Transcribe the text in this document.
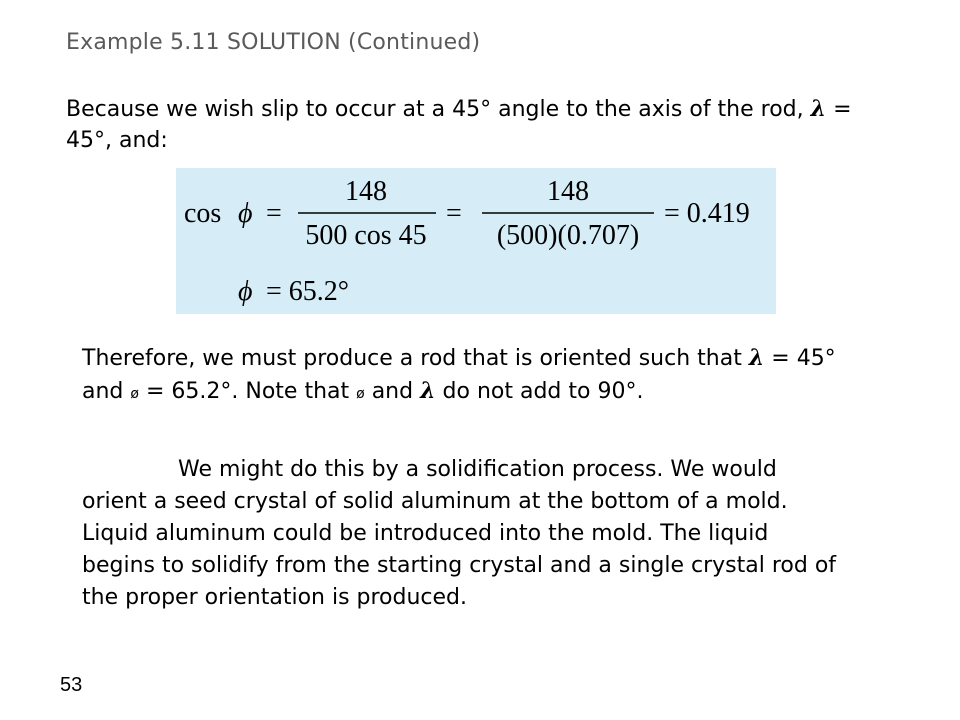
Example 5.11 SOLUTION (Continued)
Because we wish slip to occur at a 45° angle to the axis of the rod, λ = 45°, and:
cos ϕ =
148
500 cos 45
=
148
(500)(0.707)
= 0.419
ϕ = 65.2°
Therefore, we must produce a rod that is oriented such that λ = 45° and ø = 65.2°. Note that ø and λ do not add to 90°.
We might do this by a solidification process. We would orient a seed crystal of solid aluminum at the bottom of a mold. Liquid aluminum could be introduced into the mold. The liquid begins to solidify from the starting crystal and a single crystal rod of the proper orientation is produced.
53
